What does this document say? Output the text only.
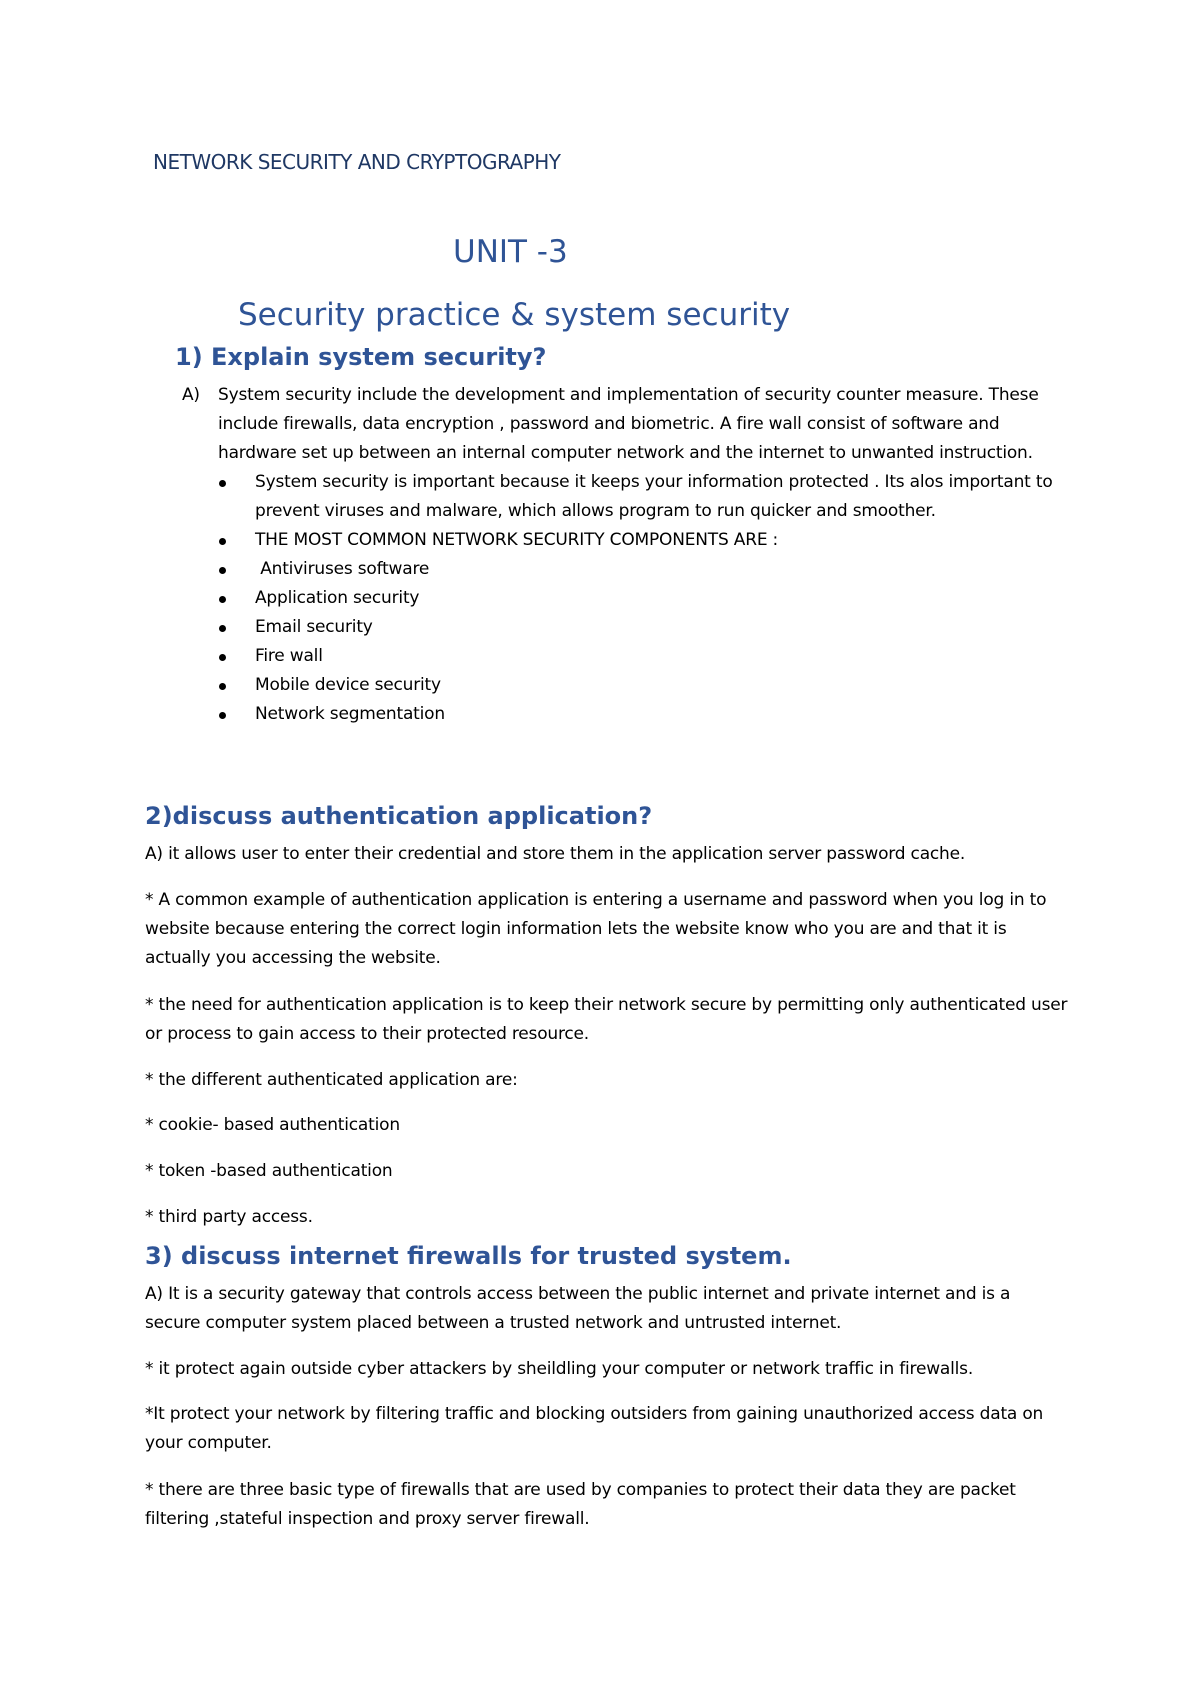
NETWORK SECURITY AND CRYPTOGRAPHY
UNIT -3
Security practice & system security
1) Explain system security?
A) System security include the development and implementation of security counter measure. These include firewalls, data encryption , password and biometric. A fire wall consist of software and hardware set up between an internal computer network and the internet to unwanted instruction.
System security is important because it keeps your information protected . Its alos important to prevent viruses and malware, which allows program to run quicker and smoother.
THE MOST COMMON NETWORK SECURITY COMPONENTS ARE :
Antiviruses software
Application security
Email security
Fire wall
Mobile device security
Network segmentation
2)discuss authentication application?

A) it allows user to enter their credential and store them in the application server password cache.

* A common example of authentication application is entering a username and password when you log in to website because entering the correct login information lets the website know who you are and that it is actually you accessing the website.

* the need for authentication application is to keep their network secure by permitting only authenticated user or process to gain access to their protected resource.

* the different authenticated application are:

* cookie- based authentication

* token -based authentication

* third party access.

3) discuss internet firewalls for trusted system.

A) It is a security gateway that controls access between the public internet and private internet and is a secure computer system placed between a trusted network and untrusted internet.

* it protect again outside cyber attackers by sheildling your computer or network traffic in firewalls.

*It protect your network by filtering traffic and blocking outsiders from gaining unauthorized access data on your computer.

* there are three basic type of firewalls that are used by companies to protect their data they are packet filtering ,stateful inspection and proxy server firewall.
